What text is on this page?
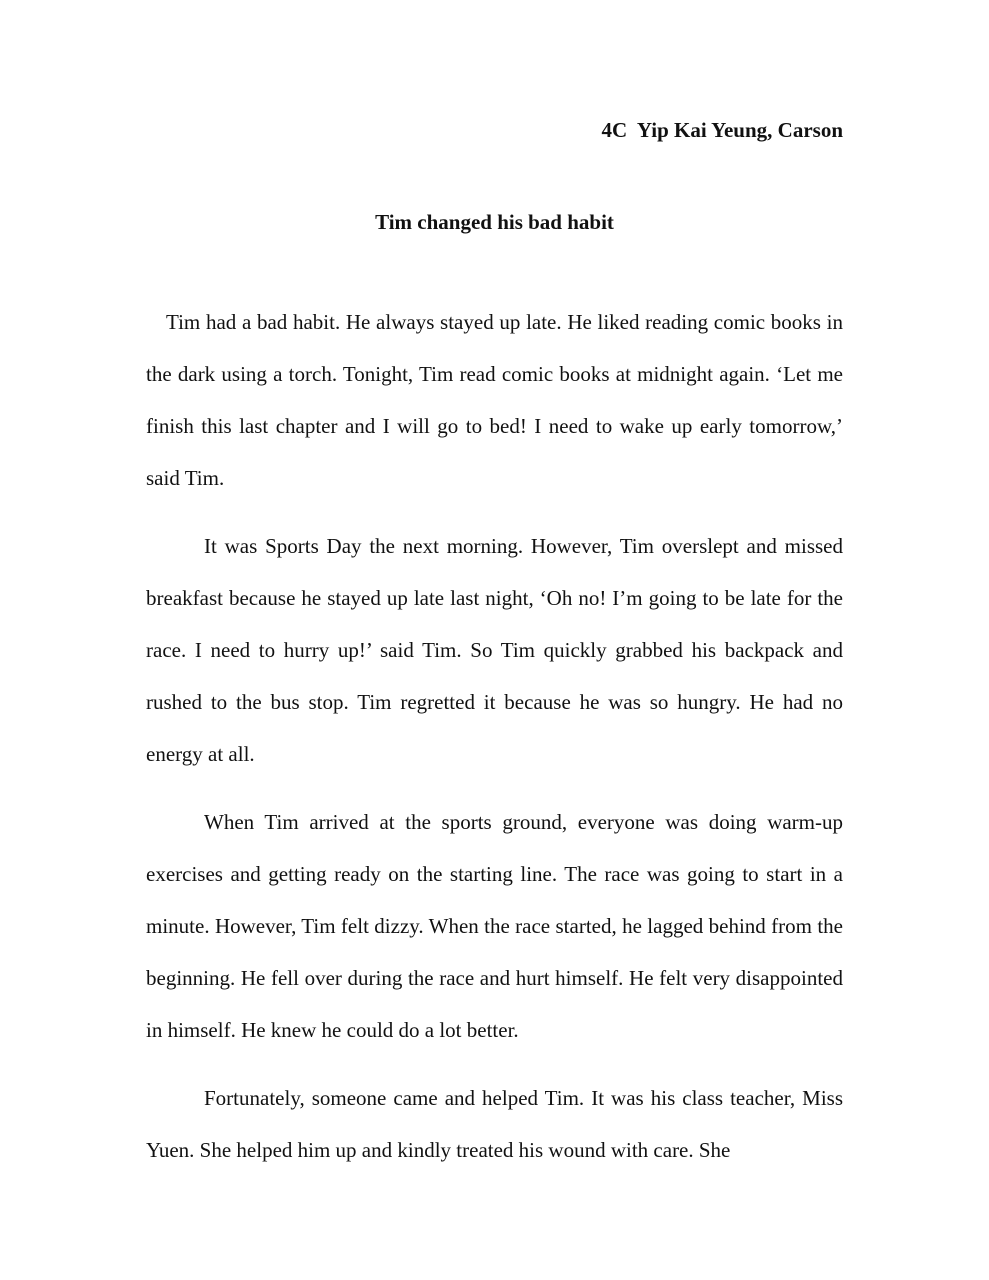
4C  Yip Kai Yeung, Carson
Tim changed his bad habit

Tim had a bad habit. He always stayed up late. He liked reading comic books in the dark using a torch. Tonight, Tim read comic books at midnight again. ‘Let me finish this last chapter and I will go to bed! I need to wake up early tomorrow,’ said Tim.

It was Sports Day the next morning. However, Tim overslept and missed breakfast because he stayed up late last night, ‘Oh no! I’m going to be late for the race. I need to hurry up!’ said Tim. So Tim quickly grabbed his backpack and rushed to the bus stop. Tim regretted it because he was so hungry. He had no energy at all.

When Tim arrived at the sports ground, everyone was doing warm-up exercises and getting ready on the starting line. The race was going to start in a minute. However, Tim felt dizzy. When the race started, he lagged behind from the beginning. He fell over during the race and hurt himself. He felt very disappointed in himself. He knew he could do a lot better.

Fortunately, someone came and helped Tim. It was his class teacher, Miss Yuen. She helped him up and kindly treated his wound with care. She
